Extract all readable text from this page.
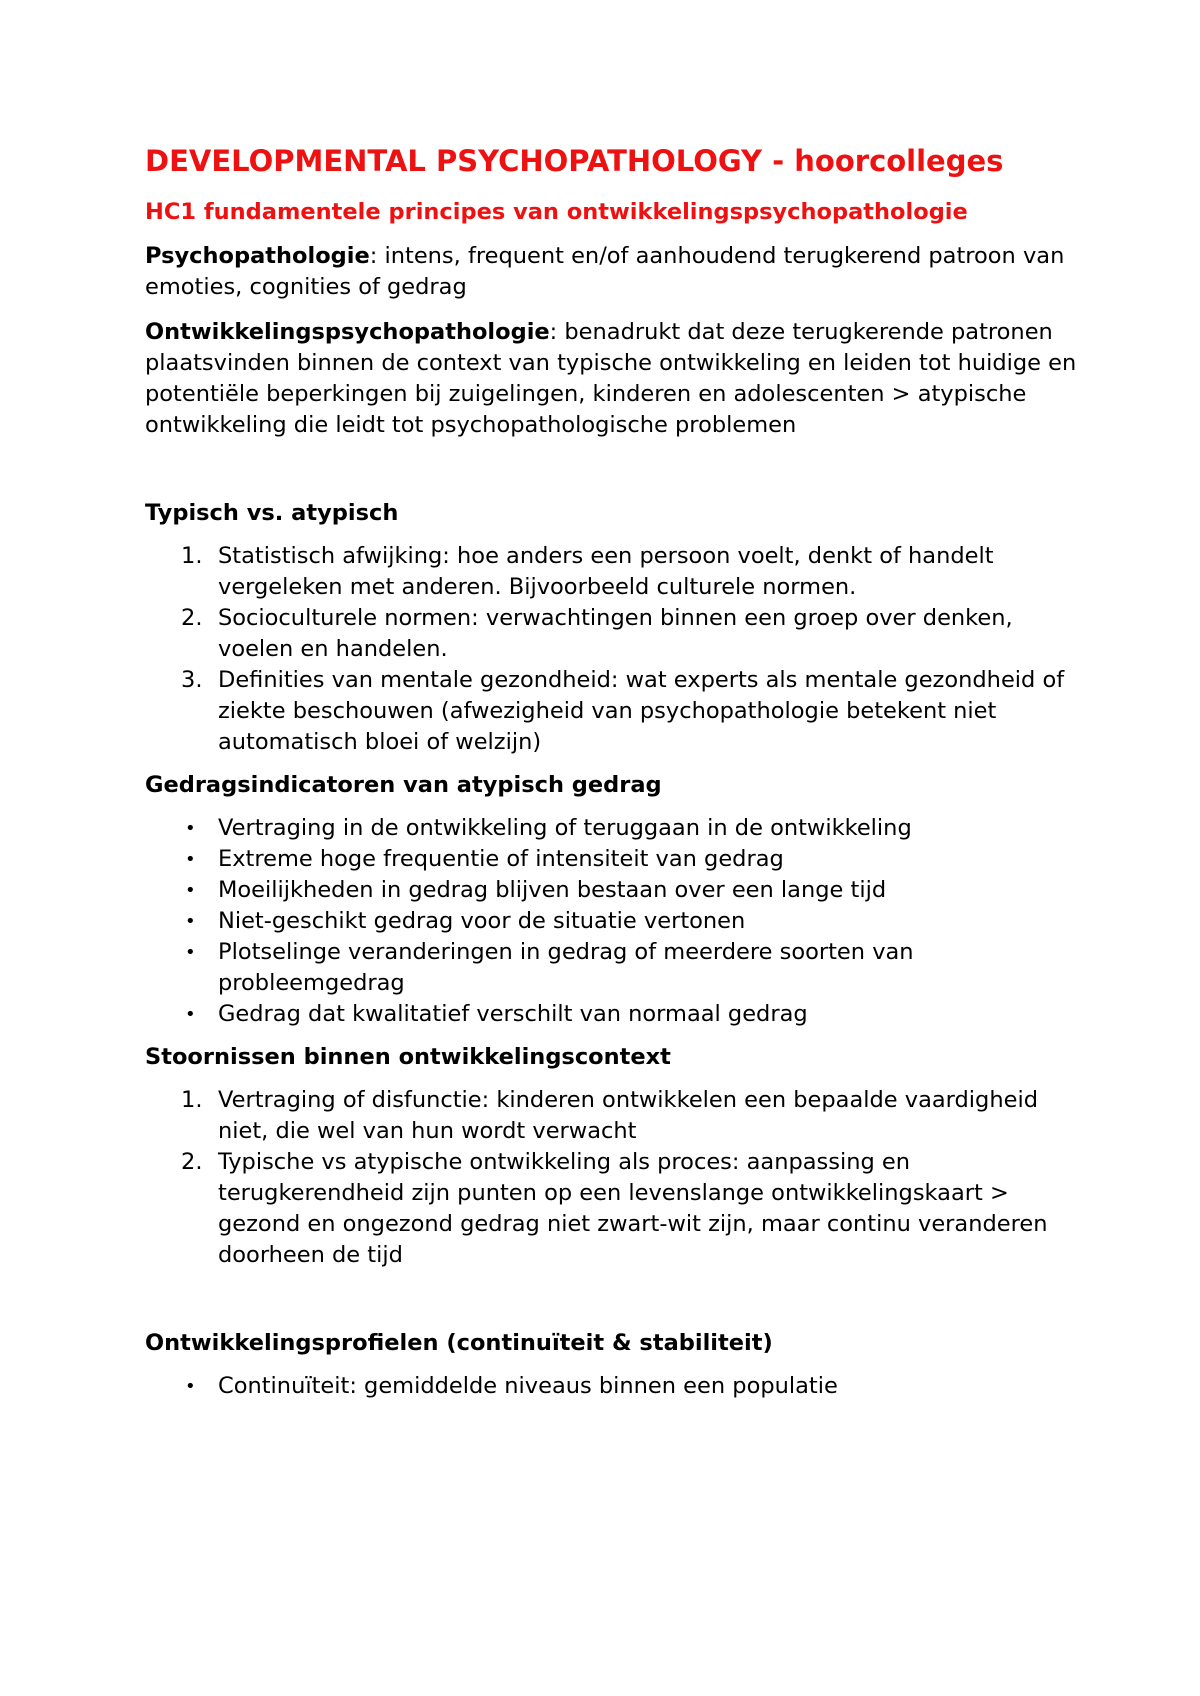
DEVELOPMENTAL PSYCHOPATHOLOGY - hoorcolleges
HC1 fundamentele principes van ontwikkelingspsychopathologie

Psychopathologie: intens, frequent en/of aanhoudend terugkerend patroon van emoties, cognities of gedrag

Ontwikkelingspsychopathologie: benadrukt dat deze terugkerende patronen plaatsvinden binnen de context van typische ontwikkeling en leiden tot huidige en potentiële beperkingen bij zuigelingen, kinderen en adolescenten > atypische ontwikkeling die leidt tot psychopathologische problemen

Typisch vs. atypisch
1. Statistisch afwijking: hoe anders een persoon voelt, denkt of handelt vergeleken met anderen. Bijvoorbeeld culturele normen.
2. Socioculturele normen: verwachtingen binnen een groep over denken, voelen en handelen.
3. Definities van mentale gezondheid: wat experts als mentale gezondheid of ziekte beschouwen (afwezigheid van psychopathologie betekent niet automatisch bloei of welzijn)
Gedragsindicatoren van atypisch gedrag
• Vertraging in de ontwikkeling of teruggaan in de ontwikkeling
• Extreme hoge frequentie of intensiteit van gedrag
• Moeilijkheden in gedrag blijven bestaan over een lange tijd
• Niet-geschikt gedrag voor de situatie vertonen
• Plotselinge veranderingen in gedrag of meerdere soorten van probleemgedrag
• Gedrag dat kwalitatief verschilt van normaal gedrag
Stoornissen binnen ontwikkelingscontext
1. Vertraging of disfunctie: kinderen ontwikkelen een bepaalde vaardigheid niet, die wel van hun wordt verwacht
2. Typische vs atypische ontwikkeling als proces: aanpassing en terugkerendheid zijn punten op een levenslange ontwikkelingskaart > gezond en ongezond gedrag niet zwart-wit zijn, maar continu veranderen doorheen de tijd
Ontwikkelingsprofielen (continuïteit & stabiliteit)
• Continuïteit: gemiddelde niveaus binnen een populatie
